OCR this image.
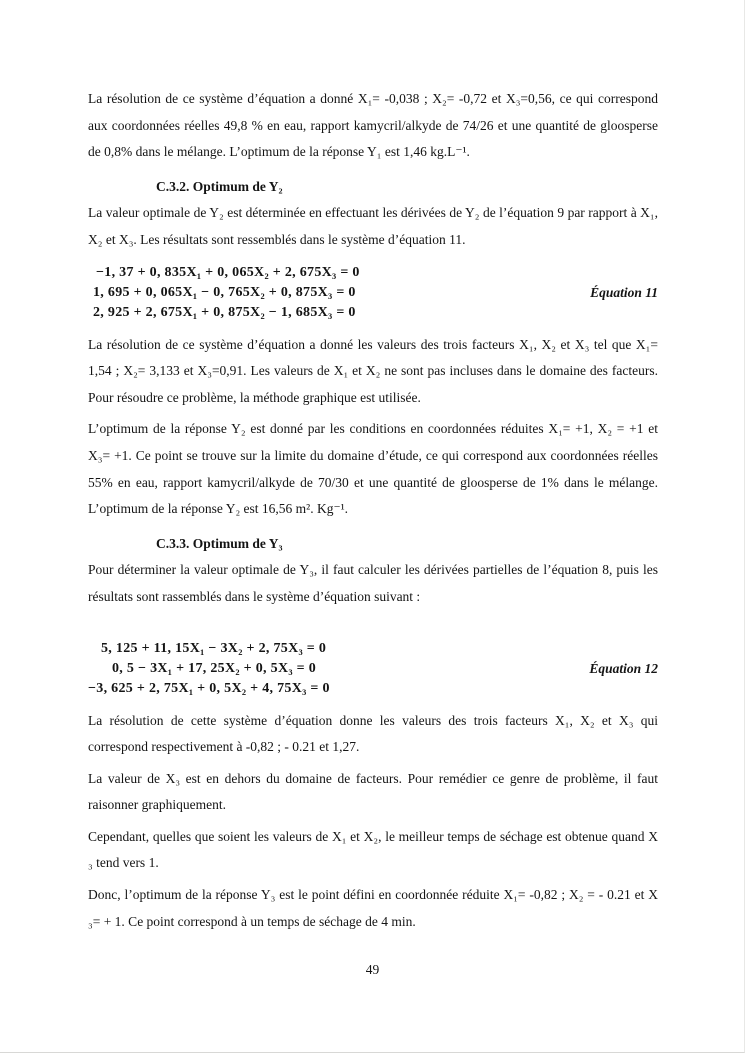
La résolution de ce système d’équation a donné X₁= -0,038 ; X₂= -0,72 et X₃=0,56, ce qui correspond aux coordonnées réelles 49,8 % en eau, rapport kamycril/alkyde de 74/26 et une quantité de gloosperse de 0,8% dans le mélange. L’optimum de la réponse Y₁ est 1,46 kg.L⁻¹.

C.3.2. Optimum de Y₂

La valeur optimale de Y₂ est déterminée en effectuant les dérivées de Y₂ de l’équation 9 par rapport à X₁, X₂ et X₃. Les résultats sont ressemblés dans le système d’équation 11.

−1, 37 + 0, 835X₁ + 0, 065X₂ + 2, 675X₃ = 0
1, 695 + 0, 065X₁ − 0, 765X₂ + 0, 875X₃ = 0
2, 925 + 2, 675X₁ + 0, 875X₂ − 1, 685X₃ = 0
Équation 11

La résolution de ce système d’équation a donné les valeurs des trois facteurs X₁, X₂ et X₃ tel que X₁= 1,54 ; X₂= 3,133 et X₃=0,91. Les valeurs de X₁ et X₂ ne sont pas incluses dans le domaine des facteurs. Pour résoudre ce problème, la méthode graphique est utilisée.

L’optimum de la réponse Y₂ est donné par les conditions en coordonnées réduites X₁= +1, X₂ = +1 et X₃= +1. Ce point se trouve sur la limite du domaine d’étude, ce qui correspond aux coordonnées réelles 55% en eau, rapport kamycril/alkyde de 70/30 et une quantité de gloosperse de 1% dans le mélange. L’optimum de la réponse Y₂ est 16,56 m². Kg⁻¹.

C.3.3. Optimum de Y₃

Pour déterminer la valeur optimale de Y₃, il faut calculer les dérivées partielles de l’équation 8, puis les résultats sont rassemblés dans le système d’équation suivant :

5, 125 + 11, 15X₁ − 3X₂ + 2, 75X₃ = 0
0, 5 − 3X₁ + 17, 25X₂ + 0, 5X₃ = 0
−3, 625 + 2, 75X₁ + 0, 5X₂ + 4, 75X₃ = 0
Équation 12

La résolution de cette système d’équation donne les valeurs des trois facteurs X₁, X₂ et X₃ qui correspond respectivement à -0,82 ; - 0.21 et 1,27.

La valeur de X₃ est en dehors du domaine de facteurs. Pour remédier ce genre de problème, il faut raisonner graphiquement.

Cependant, quelles que soient les valeurs de X₁ et X₂, le meilleur temps de séchage est obtenue quand X ₃ tend vers 1.

Donc, l’optimum de la réponse Y₃ est le point défini en coordonnée réduite X₁= -0,82 ; X₂ = - 0.21 et X ₃= + 1. Ce point correspond à un temps de séchage de 4 min.

49
